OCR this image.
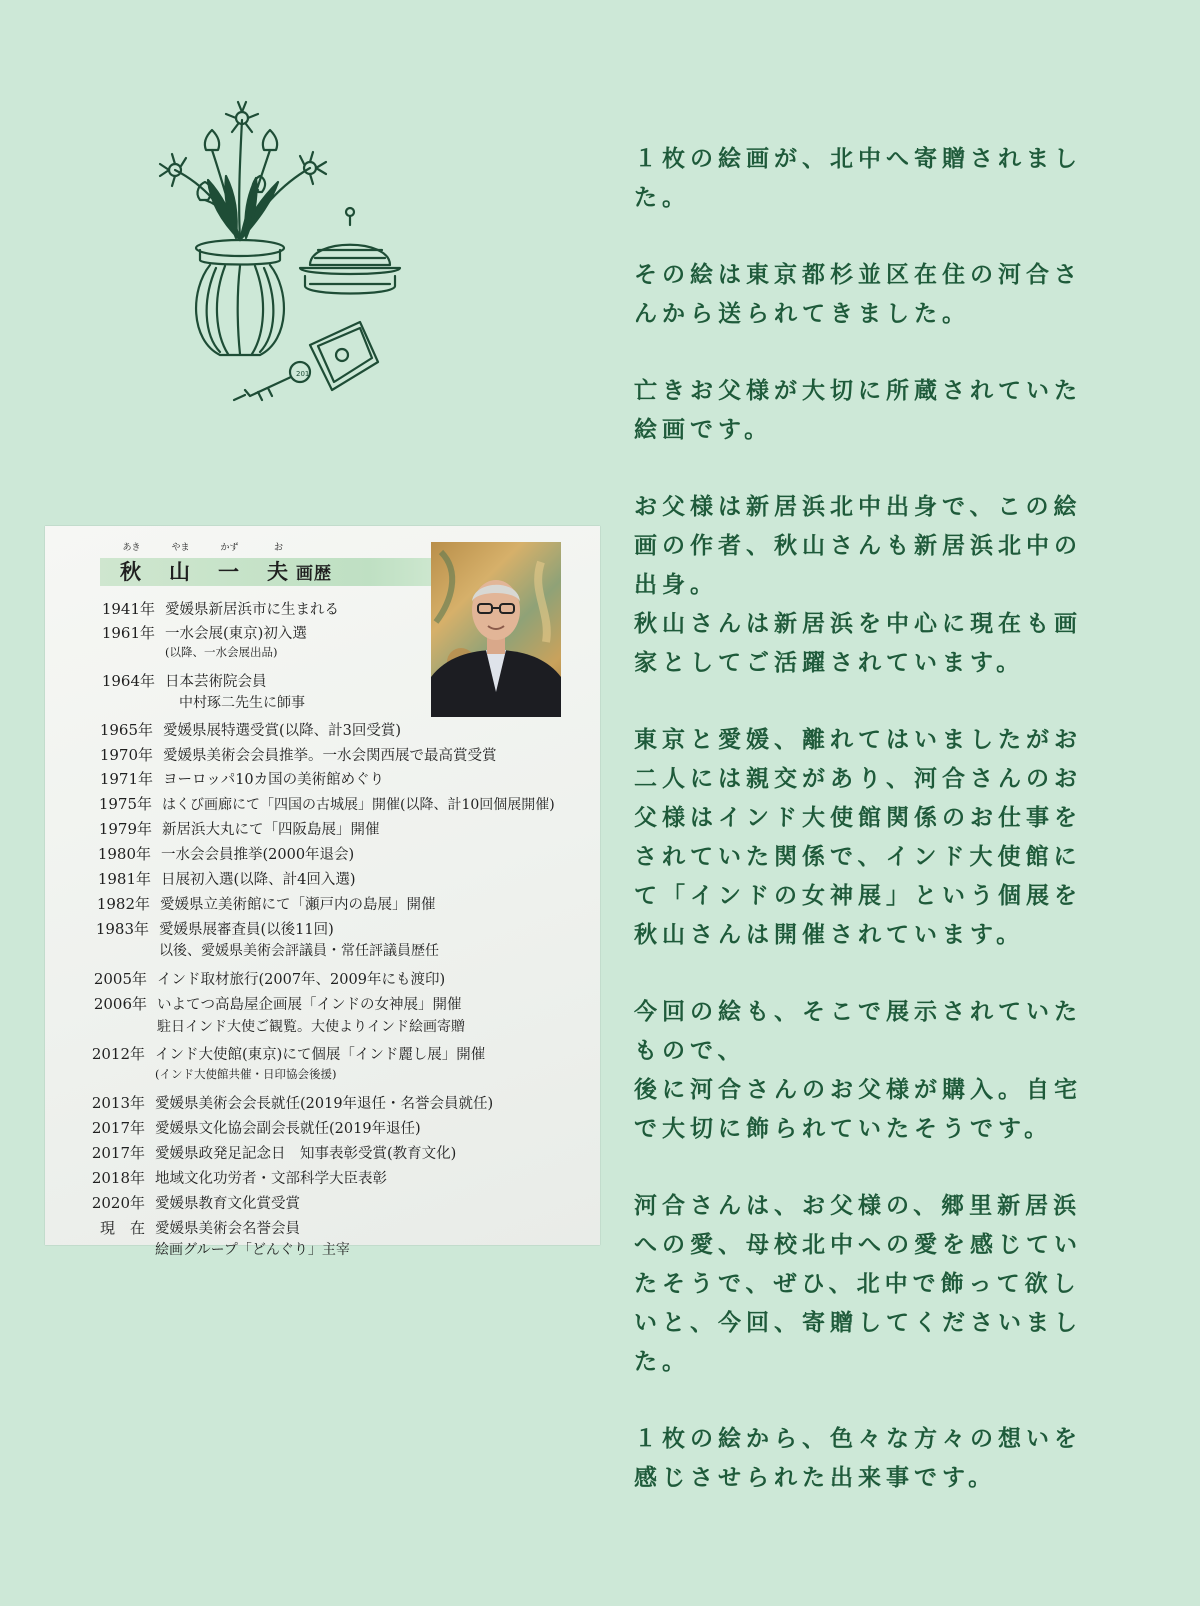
201
あき
秋
やま
山
かず
一
お
夫 画歴
1941年 愛媛県新居浜市に生まれる
1961年 一水会展(東京)初入選
(以降、一水会展出品)
1964年 日本芸術院会員
中村琢二先生に師事
1965年 愛媛県展特選受賞(以降、計3回受賞)
1970年 愛媛県美術会会員推挙。一水会関西展で最高賞受賞
1971年 ヨーロッパ10カ国の美術館めぐり
1975年 はくび画廊にて「四国の古城展」開催(以降、計10回個展開催)
1979年 新居浜大丸にて「四阪島展」開催
1980年 一水会会員推挙(2000年退会)
1981年 日展初入選(以降、計4回入選)
1982年 愛媛県立美術館にて「瀬戸内の島展」開催
1983年 愛媛県展審査員(以後11回)
以後、愛媛県美術会評議員・常任評議員歴任
2005年 インド取材旅行(2007年、2009年にも渡印)
2006年 いよてつ高島屋企画展「インドの女神展」開催
駐日インド大使ご観覧。大使よりインド絵画寄贈
2012年 インド大使館(東京)にて個展「インド麗し展」開催
(インド大使館共催・日印協会後援)
2013年 愛媛県美術会会長就任(2019年退任・名誉会員就任)
2017年 愛媛県文化協会副会長就任(2019年退任)
2017年 愛媛県政発足記念日　知事表彰受賞(教育文化)
2018年 地域文化功労者・文部科学大臣表彰
2020年 愛媛県教育文化賞受賞
現　在 愛媛県美術会名誉会員
絵画グループ「どんぐり」主宰

１枚の絵画が、北中へ寄贈されました。

その絵は東京都杉並区在住の河合さんから送られてきました。

亡きお父様が大切に所蔵されていた絵画です。

お父様は新居浜北中出身で、この絵画の作者、秋山さんも新居浜北中の出身。
秋山さんは新居浜を中心に現在も画家としてご活躍されています。

東京と愛媛、離れてはいましたがお二人には親交があり、河合さんのお父様はインド大使館関係のお仕事をされていた関係で、インド大使館にて「インドの女神展」という個展を秋山さんは開催されています。

今回の絵も、そこで展示されていたもので、
後に河合さんのお父様が購入。自宅で大切に飾られていたそうです。

河合さんは、お父様の、郷里新居浜への愛、母校北中への愛を感じていたそうで、ぜひ、北中で飾って欲しいと、今回、寄贈してくださいました。

１枚の絵から、色々な方々の想いを感じさせられた出来事です。
